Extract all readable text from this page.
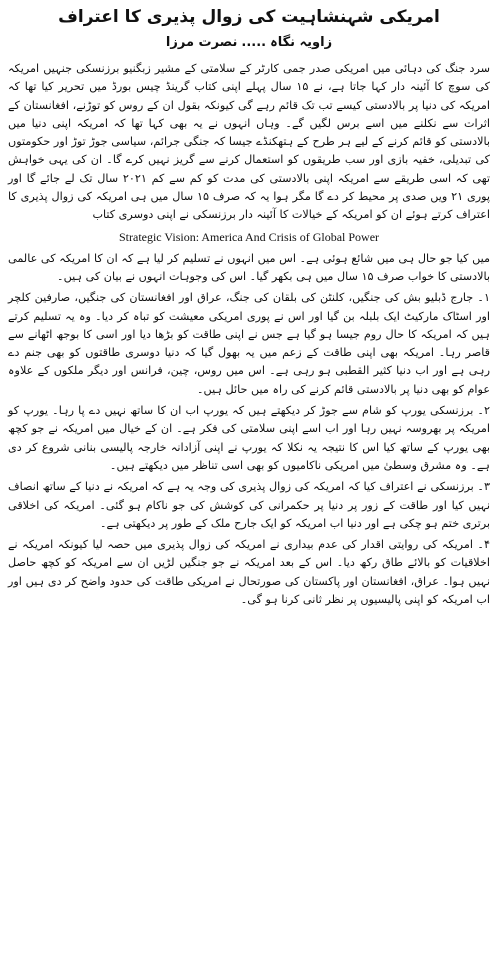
امریکی شہنشاہیت کی زوال پذیری کا اعتراف
زاویہ نگاہ.....نصرت مرزا

سرد جنگ کی دہائی میں امریکی صدر جمی کارٹر کے سلامتی کے مشیر زبگنیو برزنسکی جنہیں امریکہ کی سوچ کا آئینہ دار کہا جاتا ہے، نے ۱۵ سال پہلے اپنی کتاب گرینڈ چیس بورڈ میں تحریر کیا تھا کہ امریکہ کی دنیا پر بالادستی کیسے تب تک قائم رہے گی کیونکہ بقول ان کے روس کو توڑنے، افغانستان کے اثرات سے نکلنے میں اسے برس لگیں گے۔ وہاں انہوں نے یہ بھی کہا تھا کہ امریکہ اپنی دنیا میں بالادستی کو قائم کرنے کے لیے ہر طرح کے ہتھکنڈے جیسا کہ جنگی جرائم، سیاسی جوڑ توڑ اور حکومتوں کی تبدیلی، خفیہ بازی اور سب طریقوں کو استعمال کرنے سے گریز نہیں کرے گا۔ ان کی یہی خواہش تھی کہ اسی طریقے سے امریکہ اپنی بالادستی کی مدت کو کم سے کم ۲۰۲۱ سال تک لے جائے گا اور پوری ۲۱ ویں صدی پر محیط کر دے گا مگر ہوا یہ کہ صرف ۱۵ سال میں ہی امریکہ کی زوال پذیری کا اعتراف کرتے ہوئے ان کو امریکہ کے خیالات کا آئینہ دار برزنسکی نے اپنی دوسری کتاب

Strategic Vision: America And Crisis of Global Power

میں کیا جو حال ہی میں شائع ہوئی ہے۔ اس میں انہوں نے تسلیم کر لیا ہے کہ ان کا امریکہ کی عالمی بالادستی کا خواب صرف ۱۵ سال میں ہی بکھر گیا۔ اس کی وجوہات انہوں نے بیان کی ہیں۔

۱۔ جارج ڈبلیو بش کی جنگیں، کلنٹن کی بلقان کی جنگ، عراق اور افغانستان کی جنگیں، صارفین کلچر اور اسٹاک مارکیٹ ایک بلبلہ بن گیا اور اس نے پوری امریکی معیشت کو تباہ کر دیا۔ وہ یہ تسلیم کرتے ہیں کہ امریکہ کا حال روم جیسا ہو گیا ہے جس نے اپنی طاقت کو بڑھا دیا اور اسی کا بوجھ اٹھانے سے قاصر رہا۔ امریکہ بھی اپنی طاقت کے زعم میں یہ بھول گیا کہ دنیا دوسری طاقتوں کو بھی جنم دے رہی ہے اور اب دنیا کثیر القطبی ہو رہی ہے۔ اس میں روس، چین، فرانس اور دیگر ملکوں کے علاوہ عوام کو بھی دنیا پر بالادستی قائم کرنے کی راہ میں حائل ہیں۔

۲۔ برزنسکی یورپ کو شام سے جوڑ کر دیکھتے ہیں کہ یورپ اب ان کا ساتھ نہیں دے پا رہا۔ یورپ کو امریکہ پر بھروسہ نہیں رہا اور اب اسے اپنی سلامتی کی فکر ہے۔ ان کے خیال میں امریکہ نے جو کچھ بھی یورپ کے ساتھ کیا اس کا نتیجہ یہ نکلا کہ یورپ نے اپنی آزادانہ خارجہ پالیسی بنانی شروع کر دی ہے۔ وہ مشرق وسطیٰ میں امریکی ناکامیوں کو بھی اسی تناظر میں دیکھتے ہیں۔

۳۔ برزنسکی نے اعتراف کیا کہ امریکہ کی زوال پذیری کی وجہ یہ ہے کہ امریکہ نے دنیا کے ساتھ انصاف نہیں کیا اور طاقت کے زور پر دنیا پر حکمرانی کی کوشش کی جو ناکام ہو گئی۔ امریکہ کی اخلاقی برتری ختم ہو چکی ہے اور دنیا اب امریکہ کو ایک جارح ملک کے طور پر دیکھتی ہے۔

۴۔ امریکہ کی روایتی اقدار کی عدم بیداری نے امریکہ کی زوال پذیری میں حصہ لیا کیونکہ امریکہ نے اخلاقیات کو بالائے طاق رکھ دیا۔ اس کے بعد امریکہ نے جو جنگیں لڑیں ان سے امریکہ کو کچھ حاصل نہیں ہوا۔ عراق، افغانستان اور پاکستان کی صورتحال نے امریکی طاقت کی حدود واضح کر دی ہیں اور اب امریکہ کو اپنی پالیسیوں پر نظر ثانی کرنا ہو گی۔
